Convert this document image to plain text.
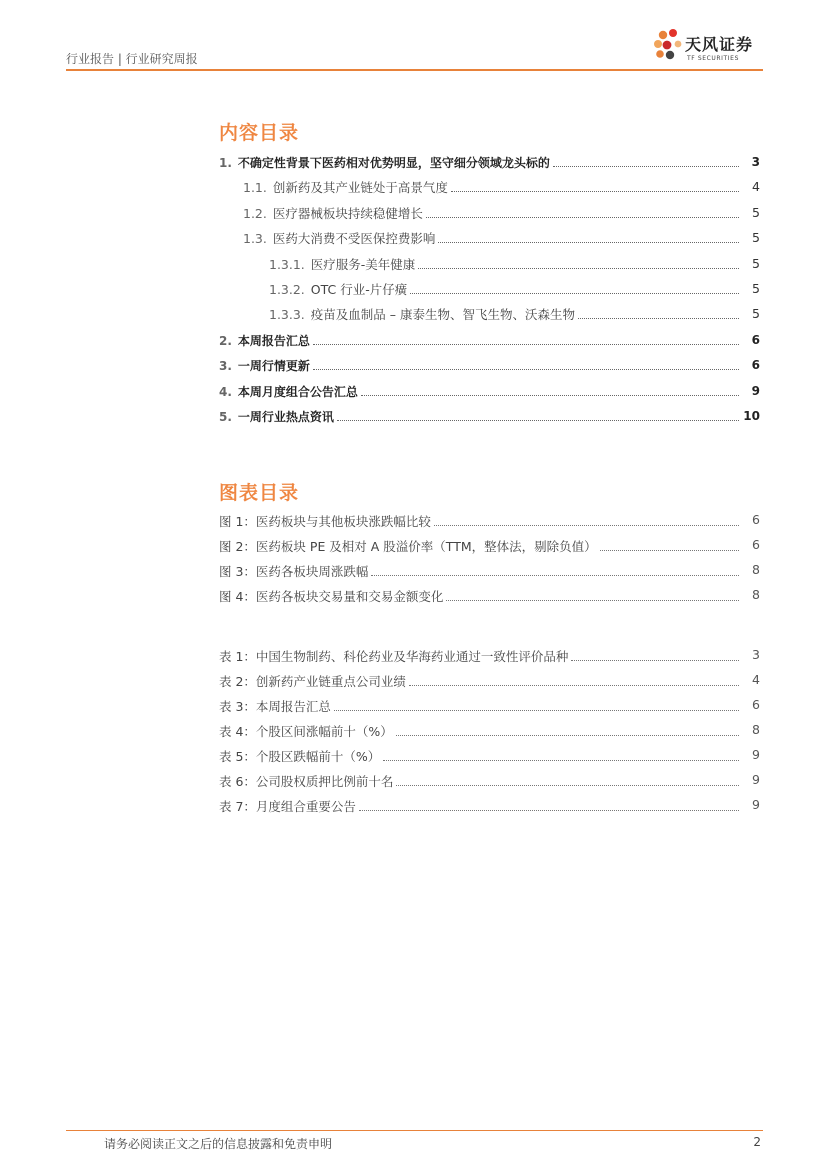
行业报告 | 行业研究周报
天风证券
TF SECURITIES
内容目录
1. 不确定性背景下医药相对优势明显，坚守细分领域龙头标的	3
1.1. 创新药及其产业链处于高景气度	4
1.2. 医疗器械板块持续稳健增长	5
1.3. 医药大消费不受医保控费影响	5
1.3.1. 医疗服务-美年健康	5
1.3.2. OTC 行业-片仔癀	5
1.3.3. 疫苗及血制品 – 康泰生物、智飞生物、沃森生物	5
2. 本周报告汇总	6
3. 一周行情更新	6
4. 本周月度组合公告汇总	9
5. 一周行业热点资讯	10
图表目录
图 1：医药板块与其他板块涨跌幅比较	6
图 2：医药板块 PE 及相对 A 股溢价率（TTM，整体法，剔除负值）	6
图 3：医药各板块周涨跌幅	8
图 4：医药各板块交易量和交易金额变化	8
表 1：中国生物制药、科伦药业及华海药业通过一致性评价品种	3
表 2：创新药产业链重点公司业绩	4
表 3：本周报告汇总	6
表 4：个股区间涨幅前十（%）	8
表 5：个股区跌幅前十（%）	9
表 6：公司股权质押比例前十名	9
表 7：月度组合重要公告	9
请务必阅读正文之后的信息披露和免责申明	2
